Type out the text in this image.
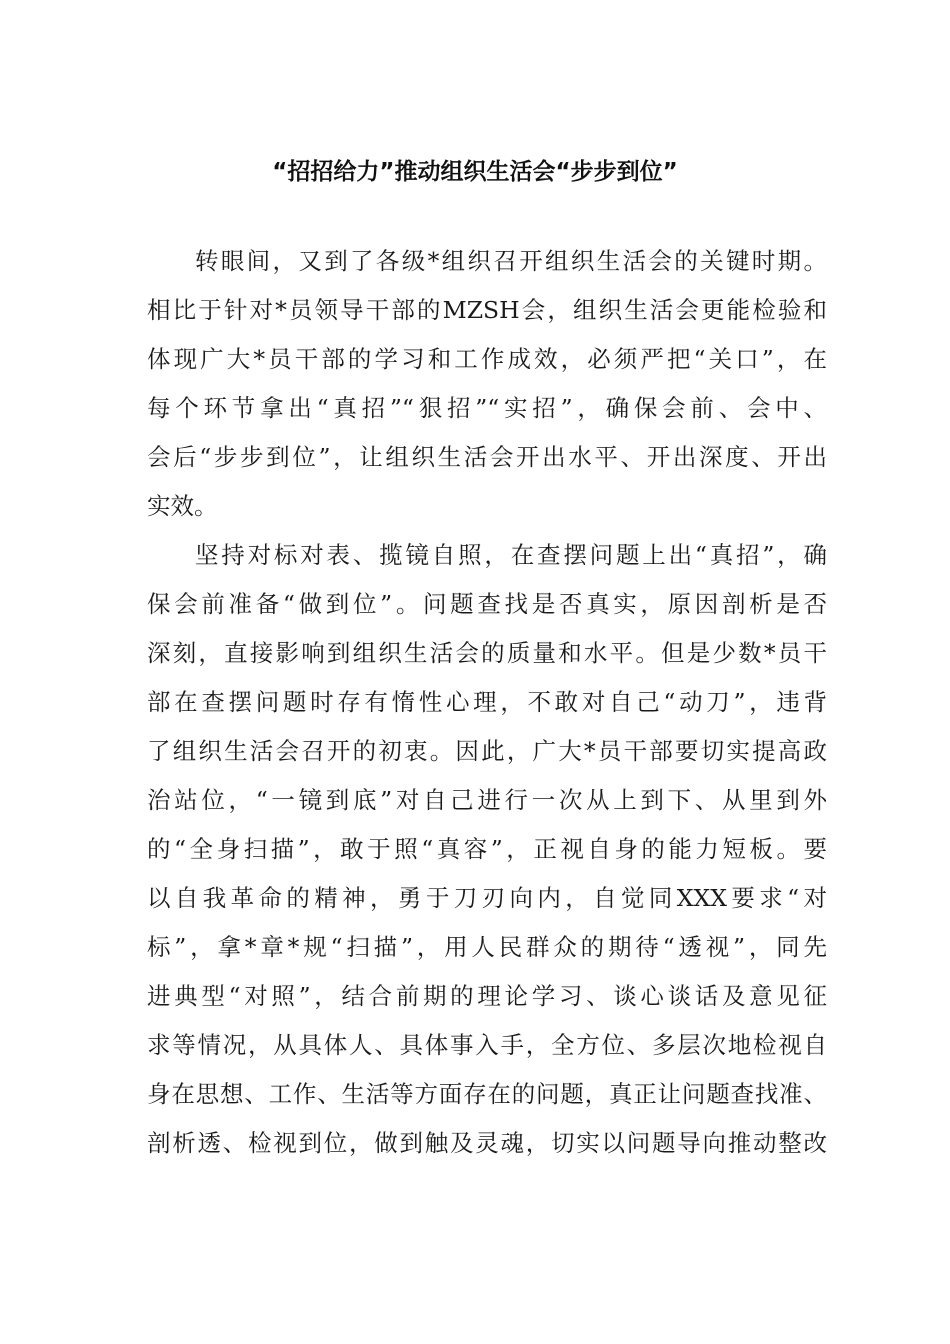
“招招给力”推动组织生活会“步步到位”
转眼间，又到了各级*组织召开组织生活会的关键时期。
相比于针对*员领导干部的MZSH会，组织生活会更能检验和
体现广大*员干部的学习和工作成效，必须严把“关口”，在
每个环节拿出“真招”“狠招”“实招”，确保会前、会中、
会后“步步到位”，让组织生活会开出水平、开出深度、开出
实效。
坚持对标对表、揽镜自照，在查摆问题上出“真招”，确
保会前准备“做到位”。问题查找是否真实，原因剖析是否
深刻，直接影响到组织生活会的质量和水平。但是少数*员干
部在查摆问题时存有惰性心理，不敢对自己“动刀”，违背
了组织生活会召开的初衷。因此，广大*员干部要切实提高政
治站位，“一镜到底”对自己进行一次从上到下、从里到外
的“全身扫描”，敢于照“真容”，正视自身的能力短板。要
以自我革命的精神，勇于刀刃向内，自觉同XXX要求“对
标”，拿*章*规“扫描”，用人民群众的期待“透视”，同先
进典型“对照”，结合前期的理论学习、谈心谈话及意见征
求等情况，从具体人、具体事入手，全方位、多层次地检视自
身在思想、工作、生活等方面存在的问题，真正让问题查找准、
剖析透、检视到位，做到触及灵魂，切实以问题导向推动整改
